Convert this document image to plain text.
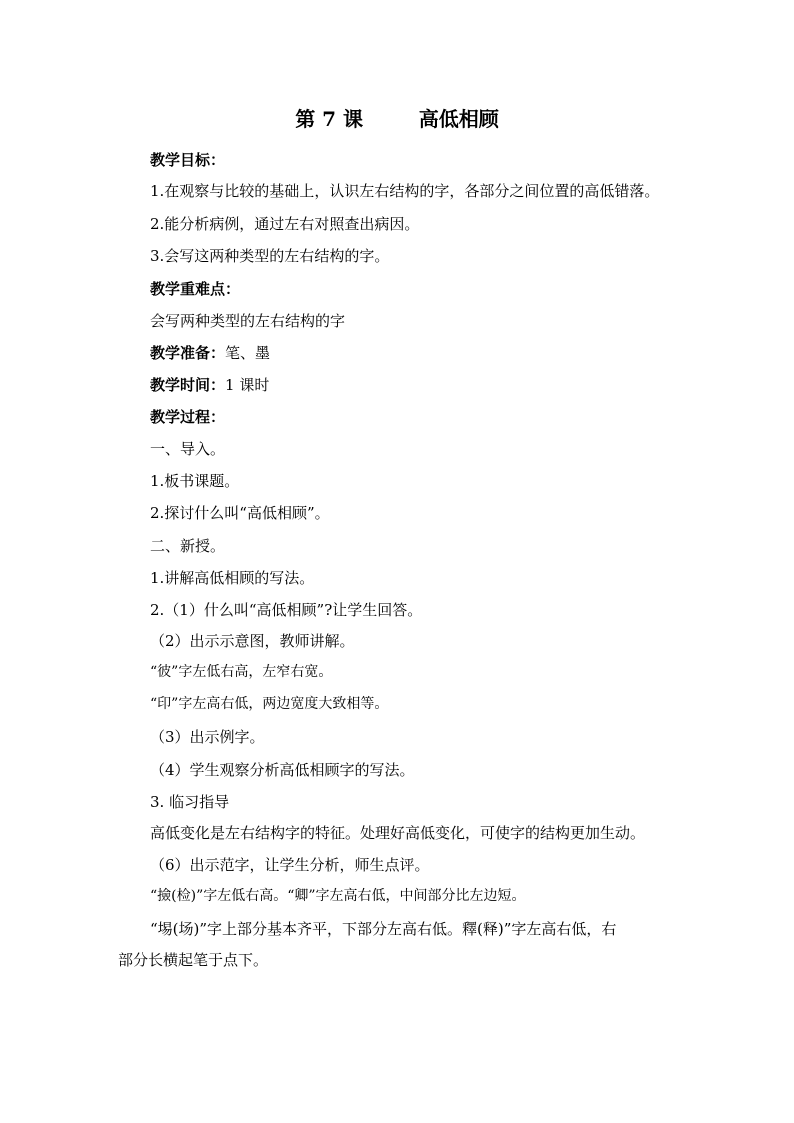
第 7 课        高低相顾
教学目标：
1.在观察与比较的基础上，认识左右结构的字，各部分之间位置的高低错落。
2.能分析病例，通过左右对照查出病因。
3.会写这两种类型的左右结构的字。
教学重难点：
会写两种类型的左右结构的字
教学准备：笔、墨
教学时间：1 课时
教学过程：
一、导入。
1.板书课题。
2.探讨什么叫“高低相顾”。
二、新授。
1.讲解高低相顾的写法。
2.（1）什么叫“高低相顾”?让学生回答。
（2）出示示意图，教师讲解。
“彼”字左低右高，左窄右宽。
“印”字左高右低，两边宽度大致相等。
（3）出示例字。
（4）学生观察分析高低相顾字的写法。
3. 临习指导
高低变化是左右结构字的特征。处理好高低变化，可使字的结构更加生动。
（6）出示范字，让学生分析，师生点评。
“撿(检)”字左低右高。“卿”字左高右低，中间部分比左边短。
“埸(场)”字上部分基本齐平，下部分左高右低。釋(释)”字左高右低，右
部分长横起笔于点下。
